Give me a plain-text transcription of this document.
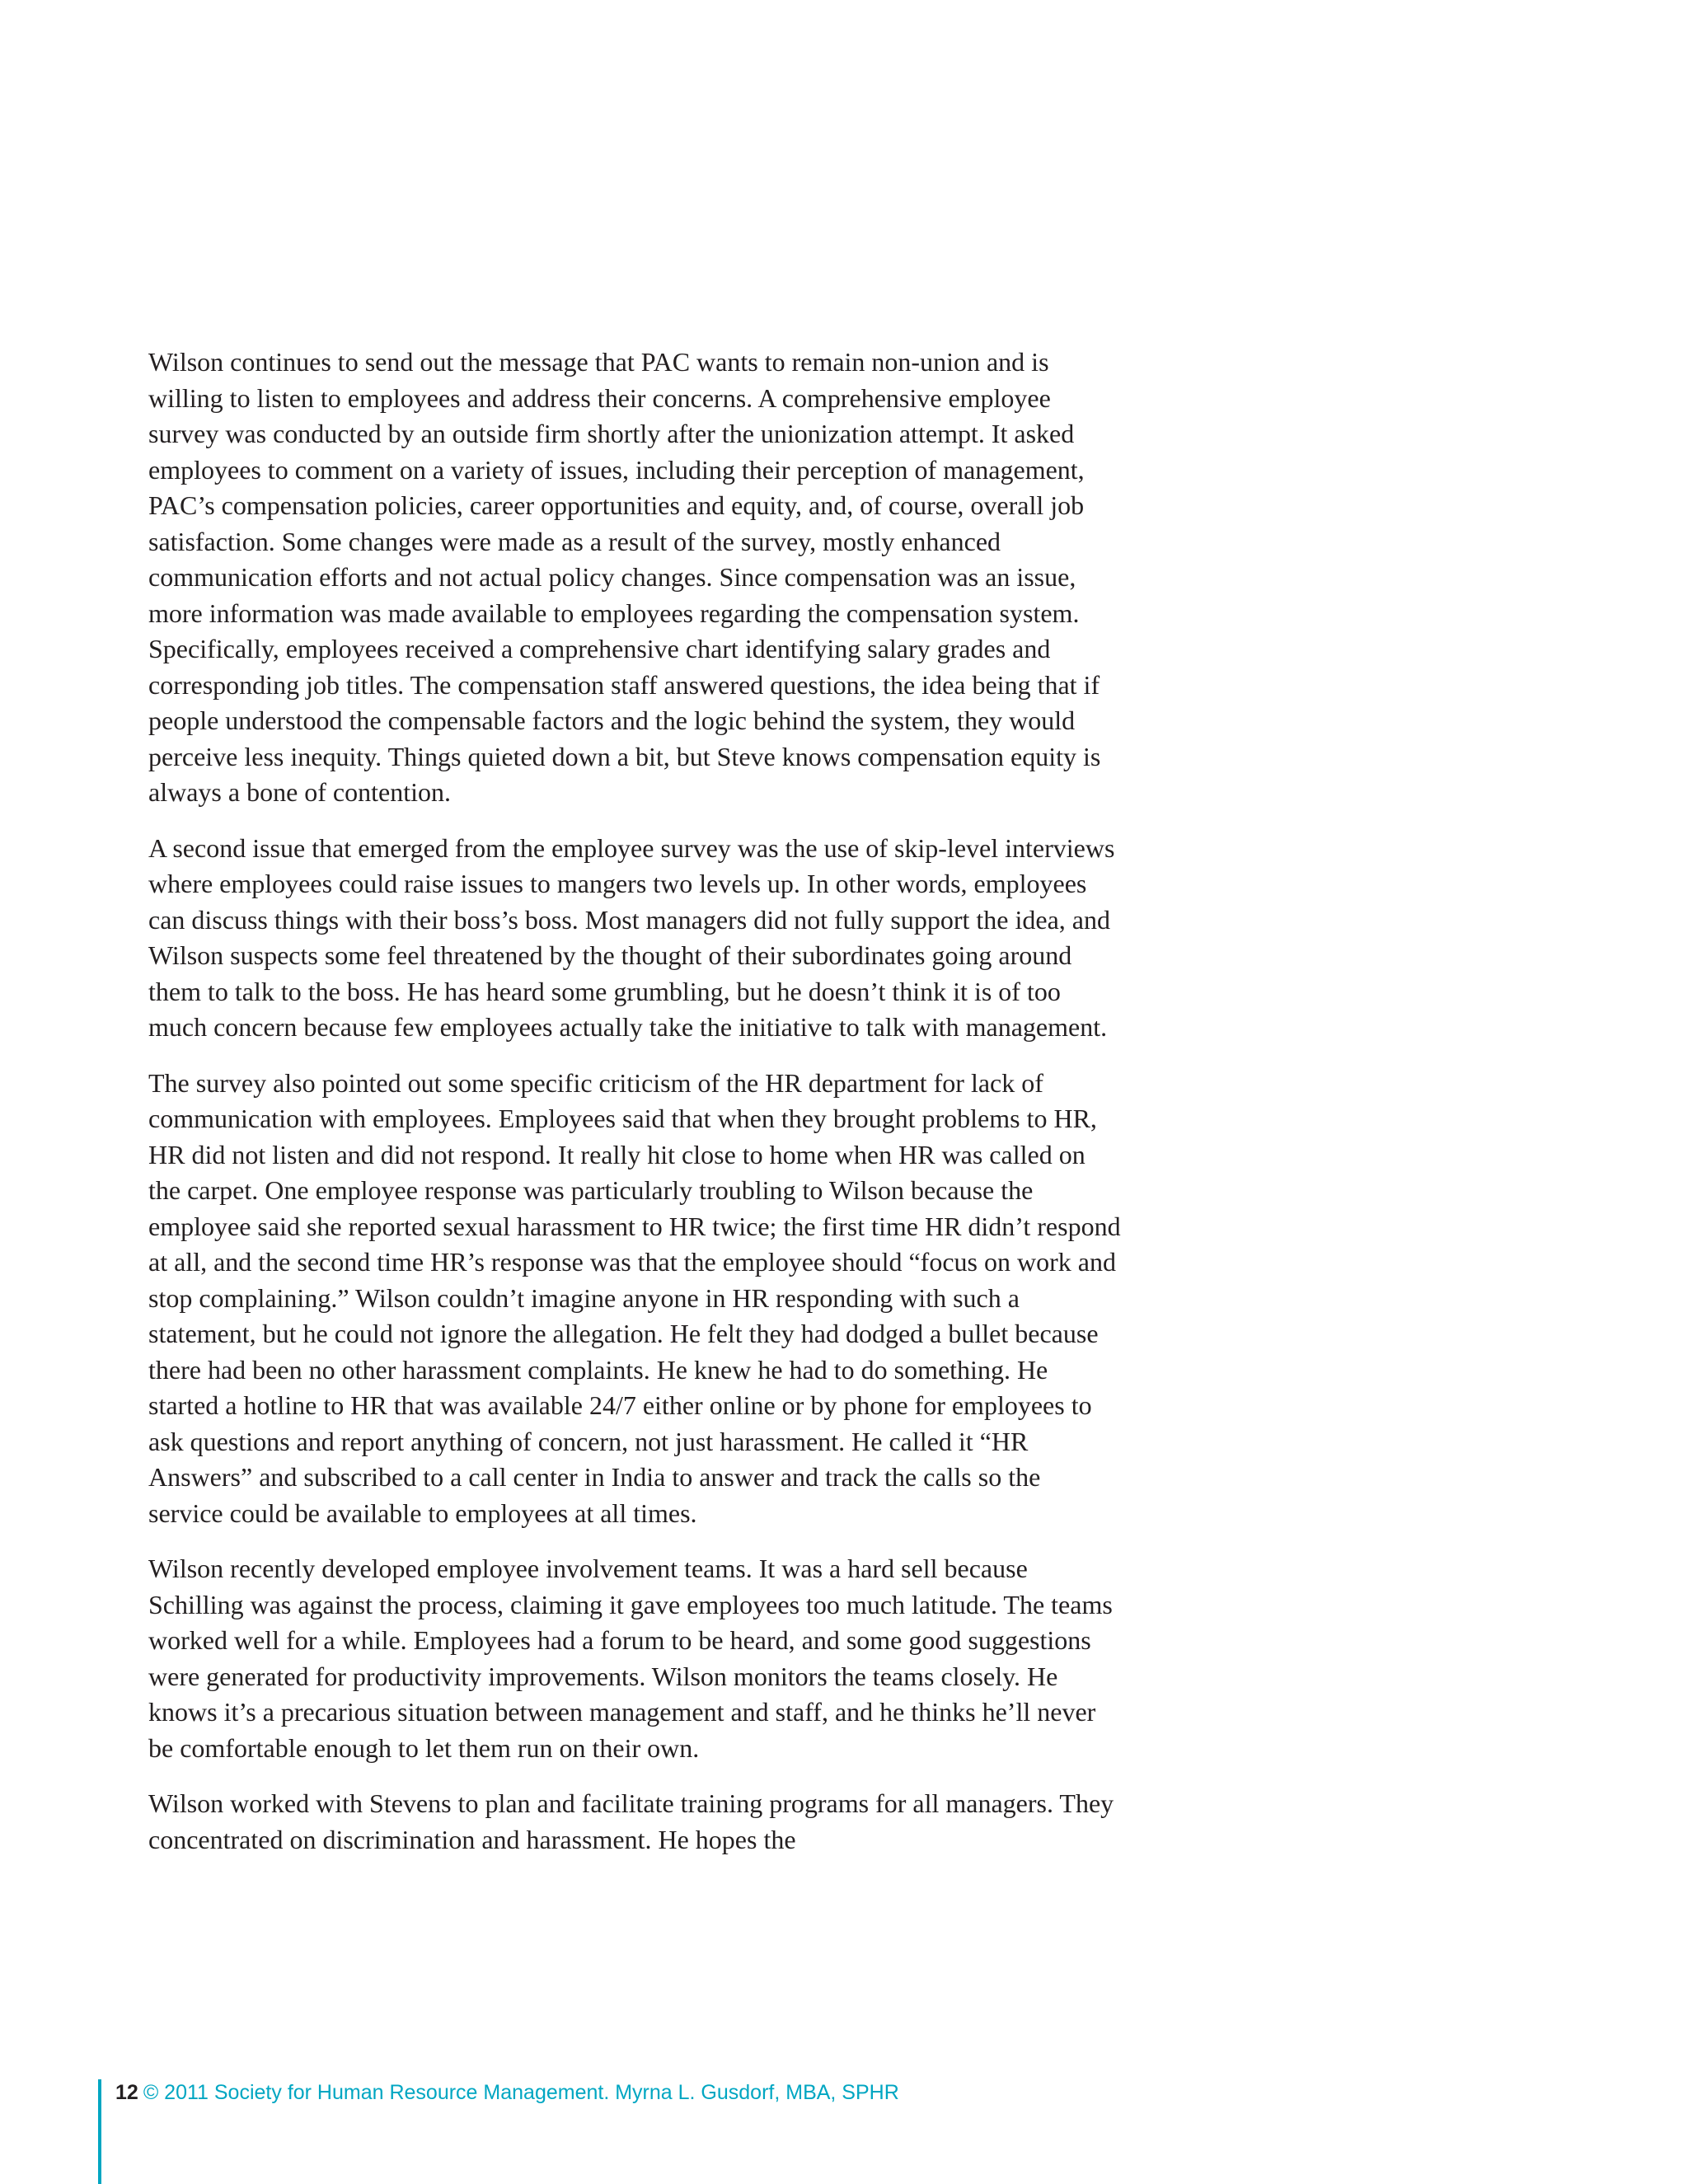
Wilson continues to send out the message that PAC wants to remain non-union and is willing to listen to employees and address their concerns. A comprehensive employee survey was conducted by an outside firm shortly after the unionization attempt. It asked employees to comment on a variety of issues, including their perception of management, PAC’s compensation policies, career opportunities and equity, and, of course, overall job satisfaction. Some changes were made as a result of the survey, mostly enhanced communication efforts and not actual policy changes. Since compensation was an issue, more information was made available to employees regarding the compensation system. Specifically, employees received a comprehensive chart identifying salary grades and corresponding job titles. The compensation staff answered questions, the idea being that if people understood the compensable factors and the logic behind the system, they would perceive less inequity. Things quieted down a bit, but Steve knows compensation equity is always a bone of contention.

A second issue that emerged from the employee survey was the use of skip-level interviews where employees could raise issues to mangers two levels up. In other words, employees can discuss things with their boss’s boss. Most managers did not fully support the idea, and Wilson suspects some feel threatened by the thought of their subordinates going around them to talk to the boss. He has heard some grumbling, but he doesn’t think it is of too much concern because few employees actually take the initiative to talk with management.

The survey also pointed out some specific criticism of the HR department for lack of communication with employees. Employees said that when they brought problems to HR, HR did not listen and did not respond. It really hit close to home when HR was called on the carpet. One employee response was particularly troubling to Wilson because the employee said she reported sexual harassment to HR twice; the first time HR didn’t respond at all, and the second time HR’s response was that the employee should “focus on work and stop complaining.” Wilson couldn’t imagine anyone in HR responding with such a statement, but he could not ignore the allegation. He felt they had dodged a bullet because there had been no other harassment complaints. He knew he had to do something. He started a hotline to HR that was available 24/7 either online or by phone for employees to ask questions and report anything of concern, not just harassment. He called it “HR Answers” and subscribed to a call center in India to answer and track the calls so the service could be available to employees at all times.

Wilson recently developed employee involvement teams. It was a hard sell because Schilling was against the process, claiming it gave employees too much latitude. The teams worked well for a while. Employees had a forum to be heard, and some good suggestions were generated for productivity improvements. Wilson monitors the teams closely. He knows it’s a precarious situation between management and staff, and he thinks he’ll never be comfortable enough to let them run on their own.

Wilson worked with Stevens to plan and facilitate training programs for all managers. They concentrated on discrimination and harassment. He hopes the

12 © 2011 Society for Human Resource Management. Myrna L. Gusdorf, MBA, SPHR
